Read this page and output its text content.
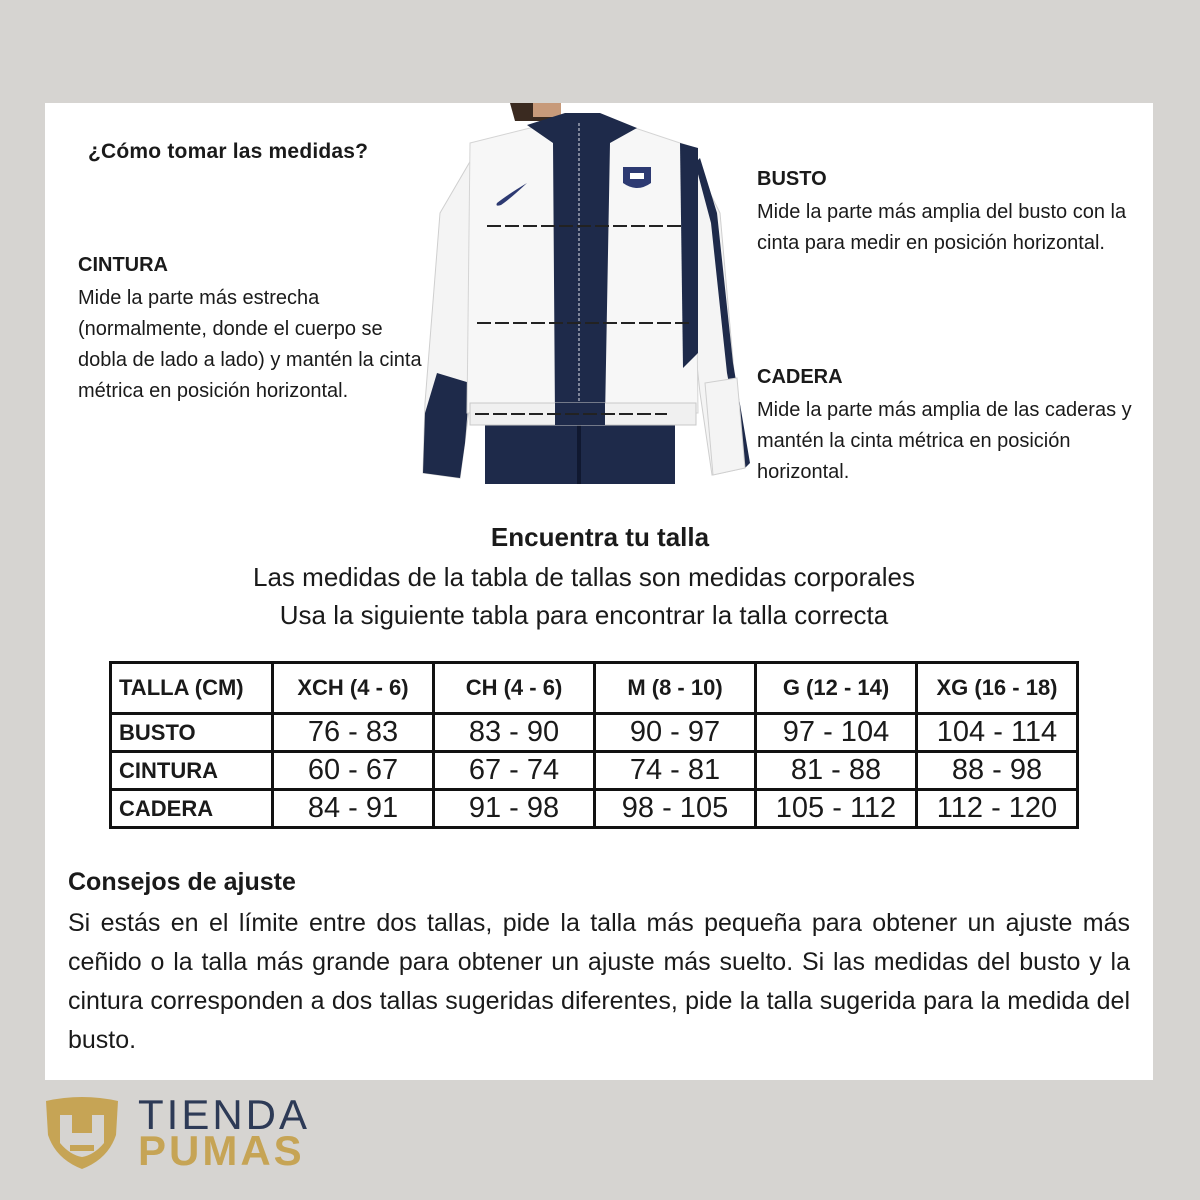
¿Cómo tomar las medidas?
CINTURA
Mide la parte más estrecha (normalmente, donde el cuerpo se dobla de lado a lado) y mantén la cinta métrica en posición horizontal.
BUSTO
Mide la parte más amplia del busto con la cinta para medir en posición horizontal.
CADERA
Mide la parte más amplia de las caderas y mantén la cinta métrica en posición horizontal.
Encuentra tu talla
Las medidas de la tabla de tallas son medidas corporales
Usa la siguiente tabla para encontrar la talla correcta
TALLA (CM)	XCH (4 - 6)	CH (4 - 6)	M (8 - 10)	G (12 - 14)	XG (16 - 18)
BUSTO	76 - 83	83 - 90	90 - 97	97 - 104	104 - 114
CINTURA	60 - 67	67 - 74	74 - 81	81 - 88	88 - 98
CADERA	84 - 91	91 - 98	98 - 105	105 - 112	112 - 120
Consejos de ajuste
Si estás en el límite entre dos tallas, pide la talla más pequeña para obtener un ajuste más ceñido o la talla más grande para obtener un ajuste más suelto. Si las medidas del busto y la cintura corresponden a dos tallas sugeridas diferentes, pide la talla sugerida para la medida del busto.
TIENDA
PUMAS
